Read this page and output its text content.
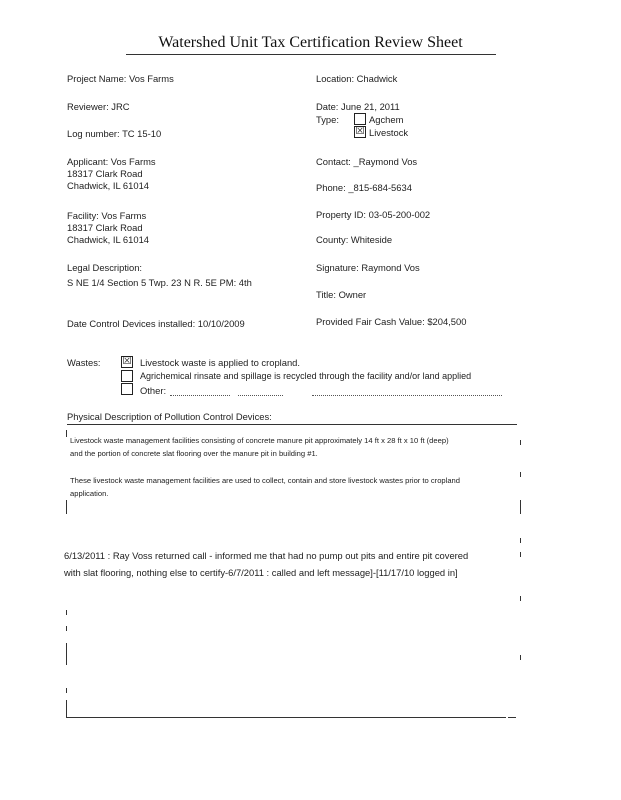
Watershed Unit Tax Certification Review Sheet
Project Name: Vos Farms
Reviewer: JRC
Log number: TC 15-10
Applicant: Vos Farms
18317 Clark Road
Chadwick, IL 61014
Facility: Vos Farms
18317 Clark Road
Chadwick, IL 61014
Legal Description:
S NE 1/4 Section 5 Twp. 23 N R. 5E PM: 4th
Date Control Devices installed: 10/10/2009
Location: Chadwick
Date: June 21, 2011
Type:	Agchem
☒ Livestock
Contact: _Raymond Vos
Phone: _815-684-5634
Property ID: 03-05-200-002
County: Whiteside
Signature: Raymond Vos
Title: Owner
Provided Fair Cash Value: $204,500
Wastes: ☒ Livestock waste is applied to cropland.
Agrichemical rinsate and spillage is recycled through the facility and/or land applied
Other:
Physical Description of Pollution Control Devices:
Livestock waste management facilities consisting of concrete manure pit approximately 14 ft x 28 ft x 10 ft (deep)
and the portion of concrete slat flooring over the manure pit in building #1.
These livestock waste management facilities are used to collect, contain and store livestock wastes prior to cropland
application.
6/13/2011 : Ray Voss returned call - informed me that had no pump out pits and entire pit covered
with slat flooring, nothing else to certify-6/7/2011 : called and left message]-[11/17/10 logged in]
